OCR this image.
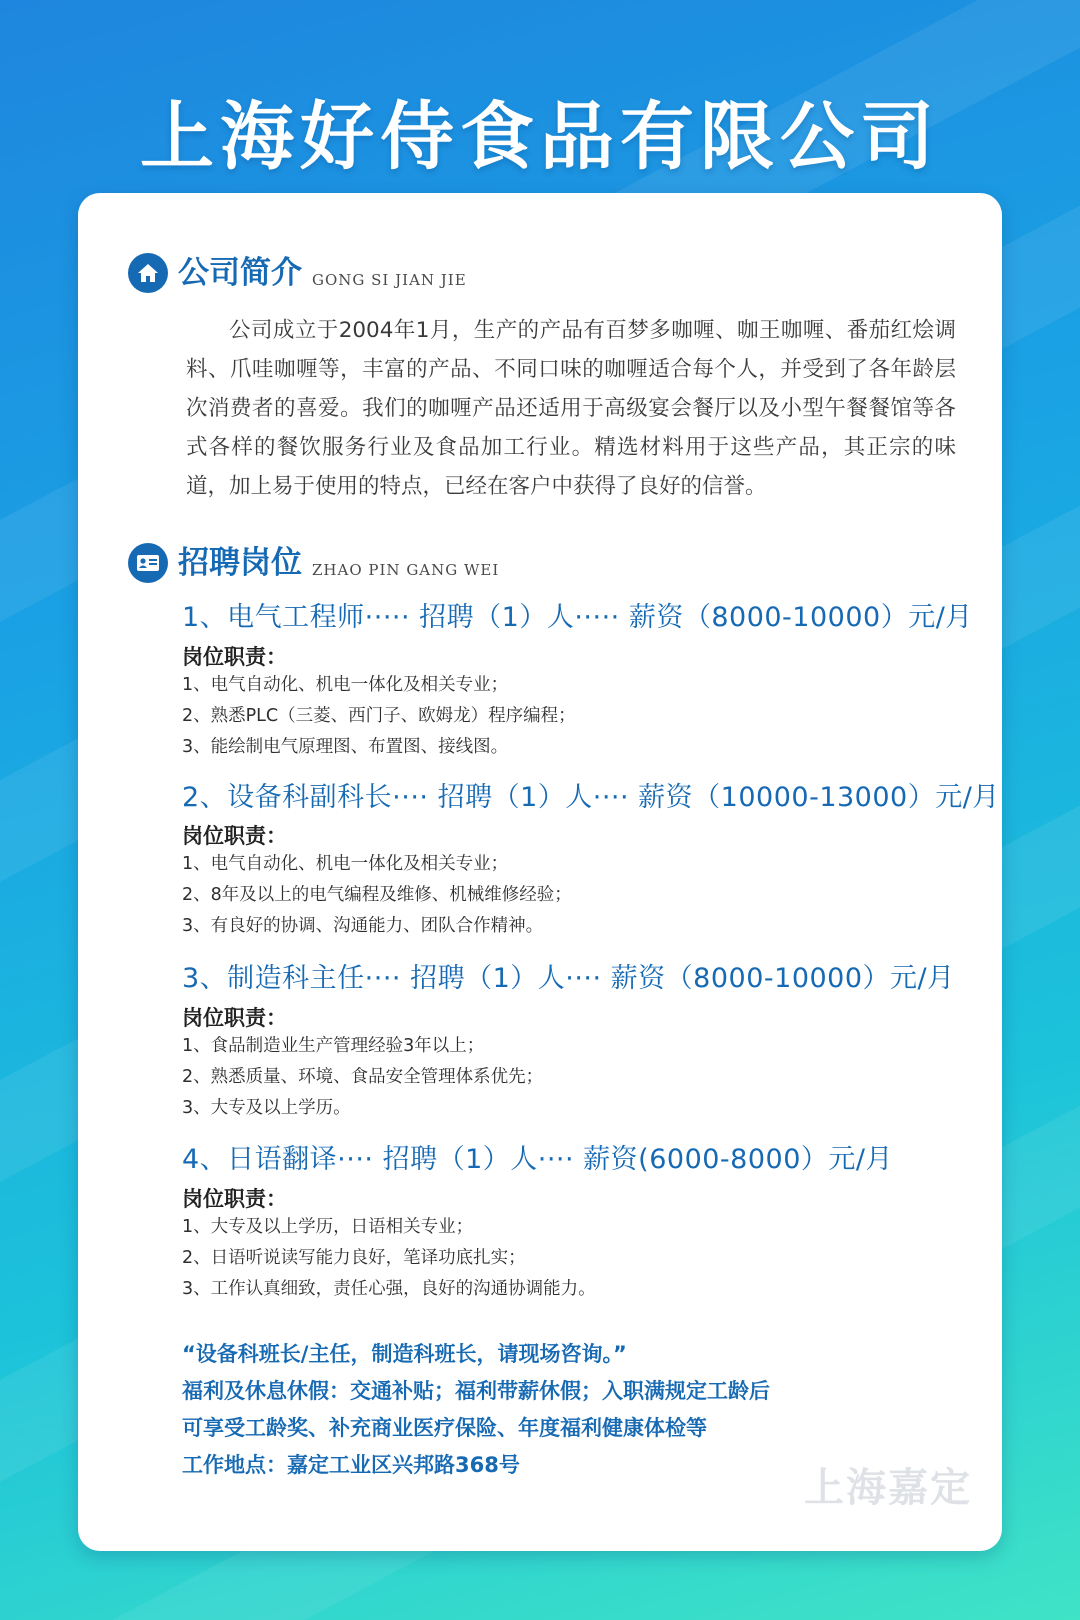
上海好侍食品有限公司
公司简介 GONG SI JIAN JIE
公司成立于2004年1月，生产的产品有百梦多咖喱、咖王咖喱、番茄红烩调料、爪哇咖喱等，丰富的产品、不同口味的咖喱适合每个人，并受到了各年龄层次消费者的喜爱。我们的咖喱产品还适用于高级宴会餐厅以及小型午餐餐馆等各式各样的餐饮服务行业及食品加工行业。精选材料用于这些产品，其正宗的味道，加上易于使用的特点，已经在客户中获得了良好的信誉。
招聘岗位 ZHAO PIN GANG WEI
1、电气工程师····· 招聘（1）人····· 薪资（8000-10000）元/月
岗位职责：
1、电气自动化、机电一体化及相关专业；
2、熟悉PLC（三菱、西门子、欧姆龙）程序编程；
3、能绘制电气原理图、布置图、接线图。
2、设备科副科长···· 招聘（1）人···· 薪资（10000-13000）元/月
岗位职责：
1、电气自动化、机电一体化及相关专业；
2、8年及以上的电气编程及维修、机械维修经验；
3、有良好的协调、沟通能力、团队合作精神。
3、制造科主任···· 招聘（1）人···· 薪资（8000-10000）元/月
岗位职责：
1、食品制造业生产管理经验3年以上；
2、熟悉质量、环境、食品安全管理体系优先；
3、大专及以上学历。
4、日语翻译···· 招聘（1）人···· 薪资(6000-8000）元/月
岗位职责：
1、大专及以上学历，日语相关专业；
2、日语听说读写能力良好，笔译功底扎实；
3、工作认真细致，责任心强，良好的沟通协调能力。
“设备科班长/主任，制造科班长，请现场咨询。”
福利及休息休假：交通补贴；福利带薪休假；入职满规定工龄后
可享受工龄奖、补充商业医疗保险、年度福利健康体检等
工作地点：嘉定工业区兴邦路368号	上海嘉定
